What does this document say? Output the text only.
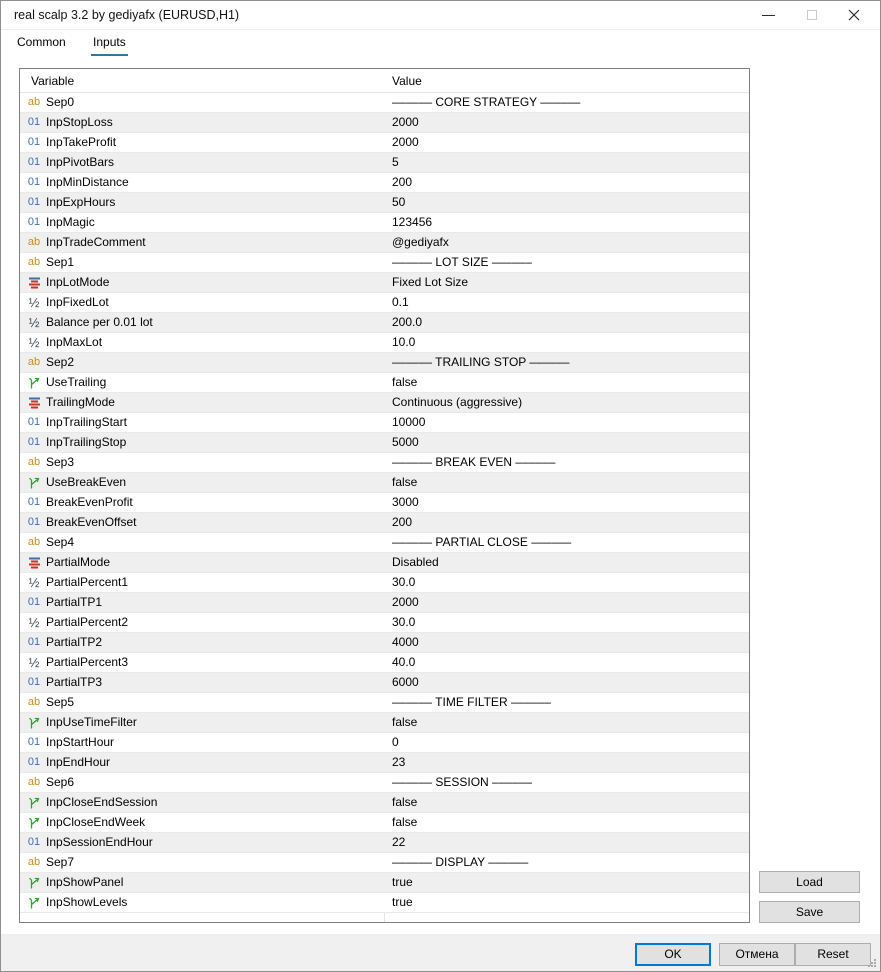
real scalp 3.2 by gediyafx (EURUSD,H1)
Common Inputs
Variable	Value
ab Sep0	–––––– CORE STRATEGY ––––––
01 InpStopLoss	2000
01 InpTakeProfit	2000
01 InpPivotBars	5
01 InpMinDistance	200
01 InpExpHours	50
01 InpMagic	123456
ab InpTradeComment	@gediyafx
ab Sep1	–––––– LOT SIZE ––––––
InpLotMode	Fixed Lot Size
½ InpFixedLot	0.1
½ Balance per 0.01 lot	200.0
½ InpMaxLot	10.0
ab Sep2	–––––– TRAILING STOP ––––––
UseTrailing	false
TrailingMode	Continuous (aggressive)
01 InpTrailingStart	10000
01 InpTrailingStop	5000
ab Sep3	–––––– BREAK EVEN ––––––
UseBreakEven	false
01 BreakEvenProfit	3000
01 BreakEvenOffset	200
ab Sep4	–––––– PARTIAL CLOSE ––––––
PartialMode	Disabled
½ PartialPercent1	30.0
01 PartialTP1	2000
½ PartialPercent2	30.0
01 PartialTP2	4000
½ PartialPercent3	40.0
01 PartialTP3	6000
ab Sep5	–––––– TIME FILTER ––––––
InpUseTimeFilter	false
01 InpStartHour	0
01 InpEndHour	23
ab Sep6	–––––– SESSION ––––––
InpCloseEndSession	false
InpCloseEndWeek	false
01 InpSessionEndHour	22
ab Sep7	–––––– DISPLAY ––––––
InpShowPanel	true
InpShowLevels	true
Load
Save
OK	Отмена	Reset
